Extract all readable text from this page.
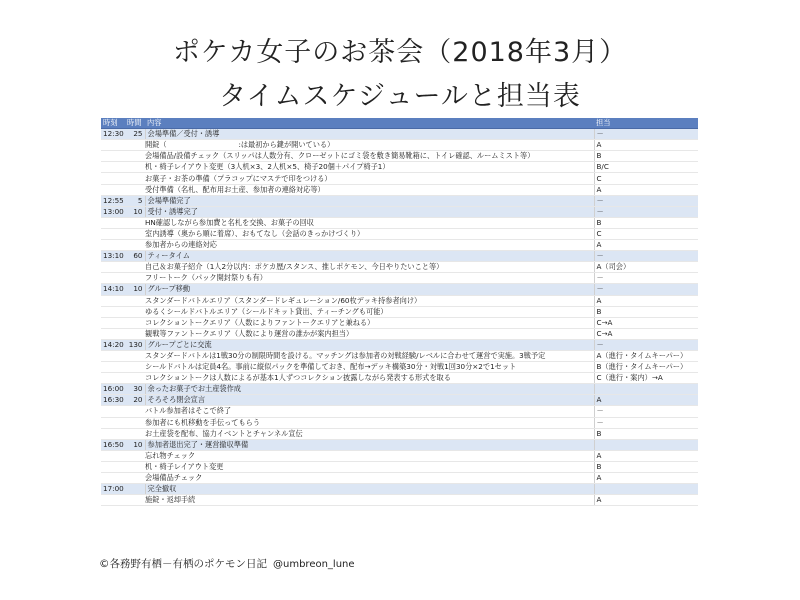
ポケカ女子のお茶会（2018年3月）
タイムスケジュールと担当表
時刻	時間	内容	担当
12:30	25	会場準備／受付・誘導	－
開錠（　　　　　　　　　　:は最初から鍵が開いている）			A
会場備品/設備チェック（スリッパは人数分有、クローゼットにゴミ袋を敷き簡易靴箱に、トイレ確認、ルームミスト等）			B
机・椅子レイアウト変更（3人机×3、2人机×5、椅子20個＋パイプ椅子1）			B/C
お菓子・お茶の準備（プラコップにマステで印をつける）			C
受付準備（名札、配布用お土産、参加者の連絡対応等）			A
12:55	5	会場準備完了	－
13:00	10	受付・誘導完了	－
HN確認しながら参加費と名札を交換、お菓子の回収			B
室内誘導（奥から順に着席）、おもてなし（会話のきっかけづくり）			C
参加者からの連絡対応			A
13:10	60	ティータイム	－
自己＆お菓子紹介（1人2分以内：ポケカ歴/スタンス、推しポケモン、今日やりたいこと等）			A（司会）
フリートーク（パック開封祭りも有）			－
14:10	10	グループ移動	－
スタンダードバトルエリア（スタンダードレギュレーション/60枚デッキ持参者向け）			A
ゆるくシールドバトルエリア（シールドキット貸出、ティーチングも可能）			B
コレクショントークエリア（人数によりファントークエリアと兼ねる）			C→A
観戦等ファントークエリア（人数により運営の誰かが案内担当）			C→A
14:20	130	グループごとに交流	－
スタンダードバトルは1戦30分の制限時間を設ける。マッチングは参加者の対戦経験/レベルに合わせて運営で実施。3戦予定			A（進行・タイムキーパー）
シールドバトルは定員4名。事前に縦似パックを準備しておき、配布→デッキ構築30分・対戦1回30分×2で1セット			B（進行・タイムキーパー）
コレクショントークは人数によるが基本1人ずつコレクション披露しながら発表する形式を取る			C（進行・案内）→A
16:00	30	余ったお菓子でお土産袋作成	
16:30	20	そろそろ閉会宣言	A
バトル参加者はそこで終了			－
参加者にも机移動を手伝ってもらう			－
お土産袋を配布、協力イベントとチャンネル宣伝			B
16:50	10	参加者退出完了・運営撤収準備	
忘れ物チェック			A
机・椅子レイアウト変更			B
会場備品チェック			A
17:00		完全撤収	
施錠・返却手続			A
©各務野有栖－有栖のポケモン日記 @umbreon_lune
